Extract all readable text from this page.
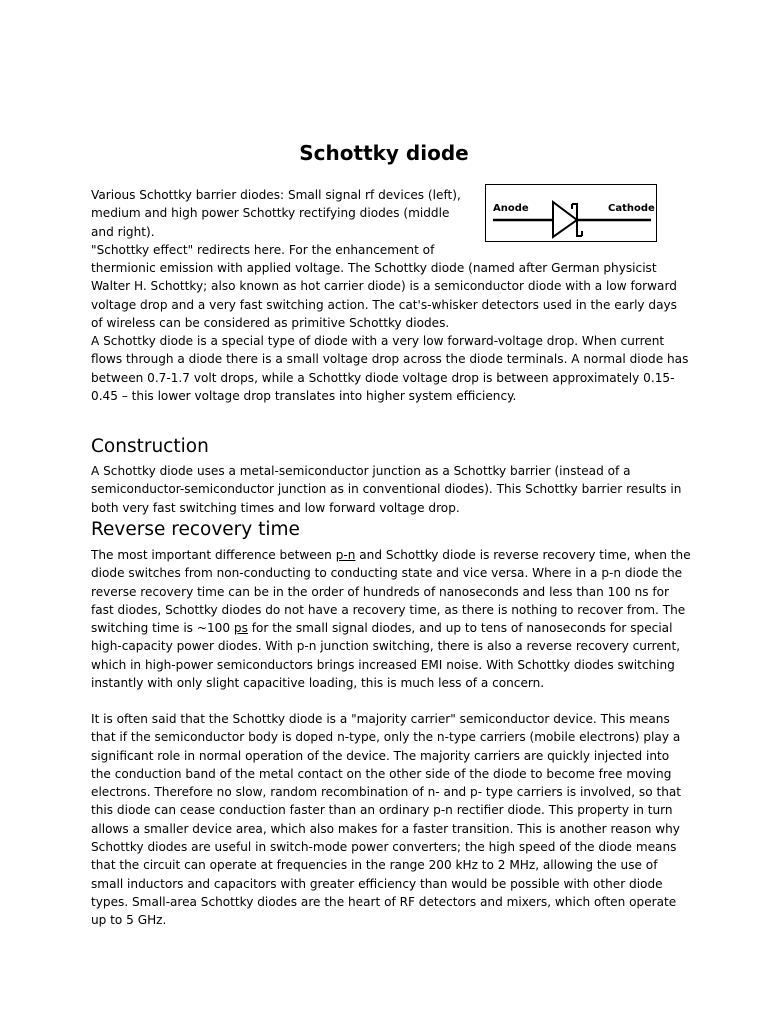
Schottky diode
Anode	Cathode
Various Schottky barrier diodes: Small signal rf devices (left),
medium and high power Schottky rectifying diodes (middle
and right).
"Schottky effect" redirects here. For the enhancement of

thermionic emission with applied voltage. The Schottky diode (named after German physicist Walter H. Schottky; also known as hot carrier diode) is a semiconductor diode with a low forward voltage drop and a very fast switching action. The cat's-whisker detectors used in the early days of wireless can be considered as primitive Schottky diodes.

A Schottky diode is a special type of diode with a very low forward-voltage drop. When current flows through a diode there is a small voltage drop across the diode terminals. A normal diode has between 0.7-1.7 volt drops, while a Schottky diode voltage drop is between approximately 0.15-0.45 – this lower voltage drop translates into higher system efficiency.

Construction

A Schottky diode uses a metal-semiconductor junction as a Schottky barrier (instead of a semiconductor-semiconductor junction as in conventional diodes). This Schottky barrier results in both very fast switching times and low forward voltage drop.

Reverse recovery time

The most important difference between p-n and Schottky diode is reverse recovery time, when the diode switches from non-conducting to conducting state and vice versa. Where in a p-n diode the reverse recovery time can be in the order of hundreds of nanoseconds and less than 100 ns for fast diodes, Schottky diodes do not have a recovery time, as there is nothing to recover from. The switching time is ~100 ps for the small signal diodes, and up to tens of nanoseconds for special high-capacity power diodes. With p-n junction switching, there is also a reverse recovery current, which in high-power semiconductors brings increased EMI noise. With Schottky diodes switching instantly with only slight capacitive loading, this is much less of a concern.

It is often said that the Schottky diode is a "majority carrier" semiconductor device. This means that if the semiconductor body is doped n-type, only the n-type carriers (mobile electrons) play a significant role in normal operation of the device. The majority carriers are quickly injected into the conduction band of the metal contact on the other side of the diode to become free moving electrons. Therefore no slow, random recombination of n- and p- type carriers is involved, so that this diode can cease conduction faster than an ordinary p-n rectifier diode. This property in turn allows a smaller device area, which also makes for a faster transition. This is another reason why Schottky diodes are useful in switch-mode power converters; the high speed of the diode means that the circuit can operate at frequencies in the range 200 kHz to 2 MHz, allowing the use of small inductors and capacitors with greater efficiency than would be possible with other diode types. Small-area Schottky diodes are the heart of RF detectors and mixers, which often operate up to 5 GHz.
